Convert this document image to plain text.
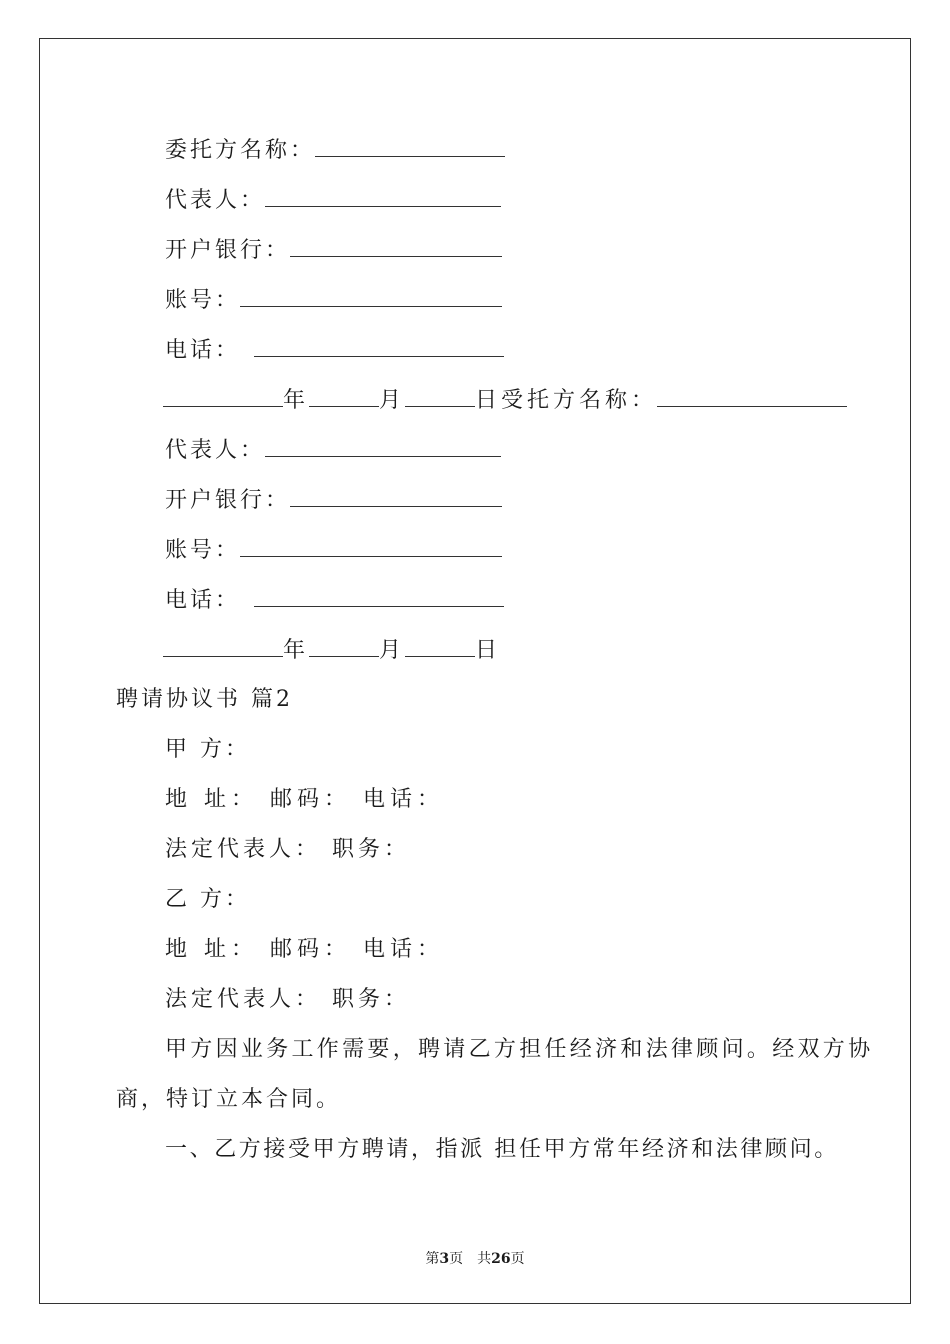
委托方名称：
代表人：
开户银行：
账号：
电话：
年	月	日受托方名称：
代表人：
开户银行：
账号：
电话：
年	月	日
聘请协议书 篇2
甲 方：
地 址： 邮码： 电话：
法定代表人： 职务：
乙 方：
地 址： 邮码： 电话：
法定代表人： 职务：
甲方因业务工作需要，聘请乙方担任经济和法律顾问。经双方协
商，特订立本合同。
一、乙方接受甲方聘请，指派 担任甲方常年经济和法律顾问。
第3页　共26页
